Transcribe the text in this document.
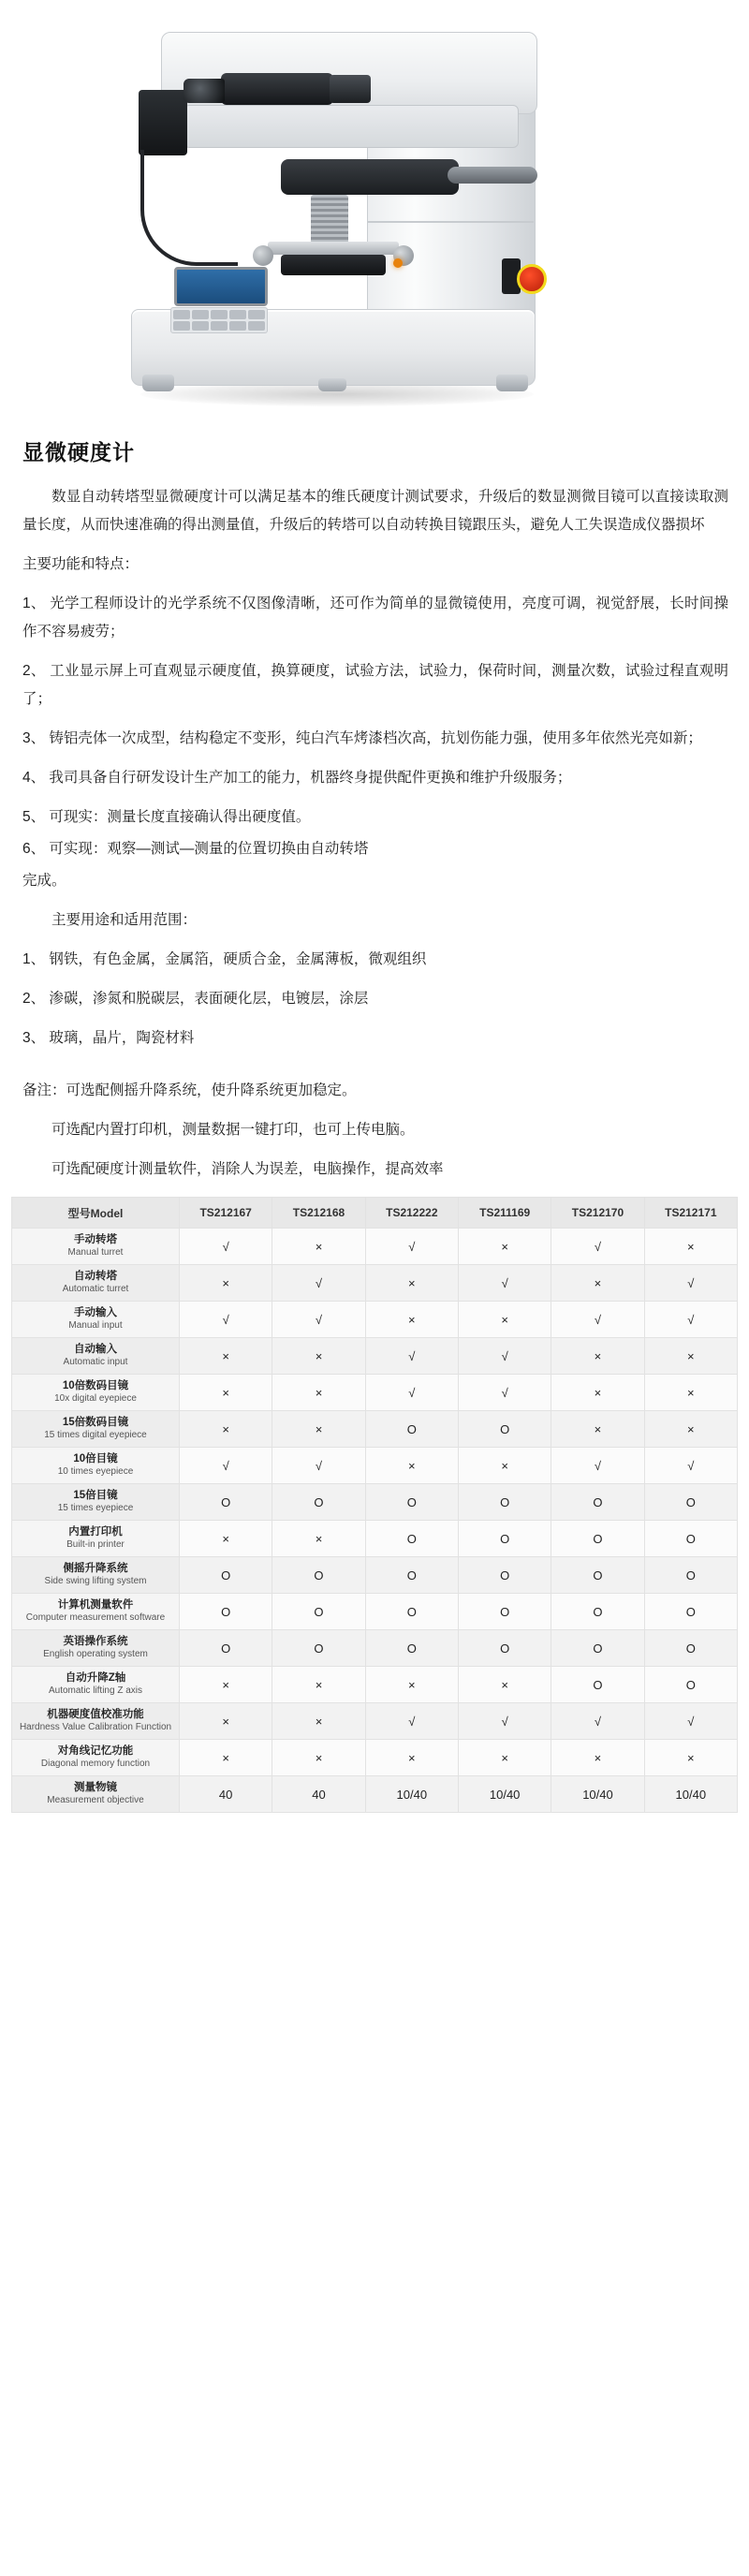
显微硬度计

数显自动转塔型显微硬度计可以满足基本的维氏硬度计测试要求，升级后的数显测微目镜可以直接读取测量长度，从而快速准确的得出测量值，升级后的转塔可以自动转换目镜跟压头，避免人工失误造成仪器损坏

主要功能和特点：

1、 光学工程师设计的光学系统不仅图像清晰，还可作为简单的显微镜使用，亮度可调，视觉舒展，长时间操作不容易疲劳；

2、 工业显示屏上可直观显示硬度值，换算硬度，试验方法，试验力，保荷时间，测量次数，试验过程直观明了；

3、 铸铝壳体一次成型，结构稳定不变形，纯白汽车烤漆档次高，抗划伤能力强，使用多年依然光亮如新；

4、 我司具备自行研发设计生产加工的能力，机器终身提供配件更换和维护升级服务；

5、 可现实：测量长度直接确认得出硬度值。

6、 可实现：观察—测试—测量的位置切换由自动转塔

完成。

主要用途和适用范围：

1、 钢铁，有色金属，金属箔，硬质合金，金属薄板，微观组织

2、 渗碳，渗氮和脱碳层，表面硬化层，电镀层，涂层

3、 玻璃，晶片，陶瓷材料

备注：可选配侧摇升降系统，使升降系统更加稳定。

可选配内置打印机，测量数据一键打印，也可上传电脑。

可选配硬度计测量软件，消除人为误差，电脑操作，提高效率

型号Model	TS212167	TS212168	TS212222	TS211169	TS212170	TS212171
手动转塔
Manual turret	√	×	√	×	√	×
自动转塔
Automatic turret	×	√	×	√	×	√
手动输入
Manual input	√	√	×	×	√	√
自动输入
Automatic input	×	×	√	√	×	×
10倍数码目镜
10x digital eyepiece	×	×	√	√	×	×
15倍数码目镜
15 times digital eyepiece	×	×	O	O	×	×
10倍目镜
10 times eyepiece	√	√	×	×	√	√
15倍目镜
15 times eyepiece	O	O	O	O	O	O
内置打印机
Built-in printer	×	×	O	O	O	O
侧摇升降系统
Side swing lifting system	O	O	O	O	O	O
计算机测量软件
Computer measurement software	O	O	O	O	O	O
英语操作系统
English operating system	O	O	O	O	O	O
自动升降Z轴
Automatic lifting Z axis	×	×	×	×	O	O
机器硬度值校准功能
Hardness Value Calibration Function	×	×	√	√	√	√
对角线记忆功能
Diagonal memory function	×	×	×	×	×	×
测量物镜
Measurement objective	40	40	10/40	10/40	10/40	10/40
